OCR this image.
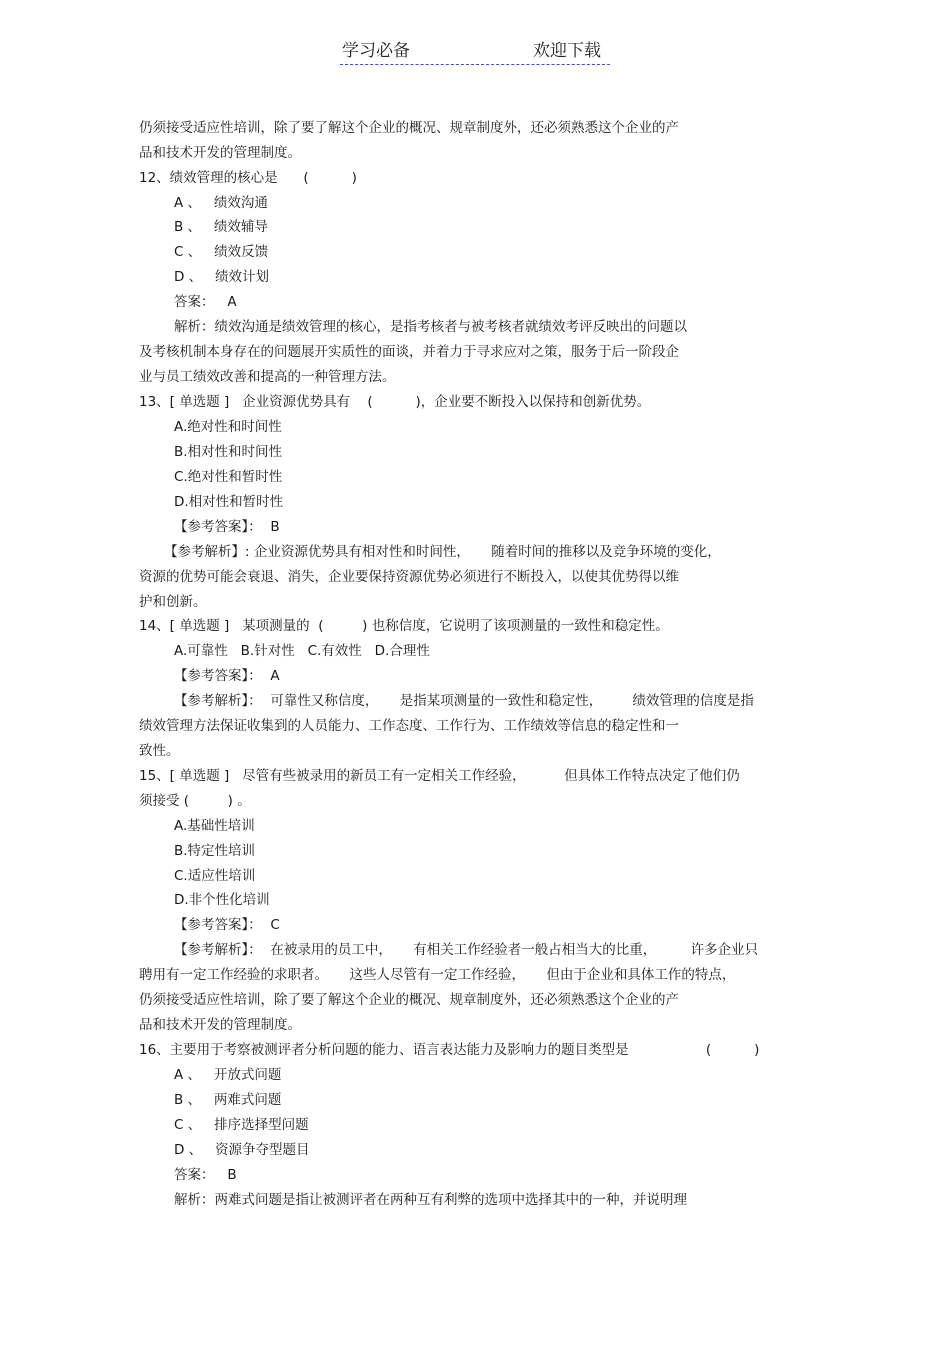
学习必备	欢迎下载
仍须接受适应性培训，除了要了解这个企业的概况、规章制度外，还必须熟悉这个企业的产
品和技术开发的管理制度。
12、绩效管理的核心是      (          )
A 、   绩效沟通
B 、   绩效辅导
C 、   绩效反馈
D 、   绩效计划
答案：   A
解析：绩效沟通是绩效管理的核心，是指考核者与被考核者就绩效考评反映出的问题以
及考核机制本身存在的问题展开实质性的面谈，并着力于寻求应对之策，服务于后一阶段企
业与员工绩效改善和提高的一种管理方法。
13、[ 单选题 ]   企业资源优势具有    (          )，企业要不断投入以保持和创新优势。
A.绝对性和时间性
B.相对性和时间性
C.绝对性和暂时性
D.相对性和暂时性
【参考答案】：  B
【参考解析】: 企业资源优势具有相对性和时间性，     随着时间的推移以及竞争环境的变化，
资源的优势可能会衰退、消失，企业要保持资源优势必须进行不断投入，以使其优势得以维
护和创新。
14、[ 单选题 ]   某项测量的  (         ) 也称信度，它说明了该项测量的一致性和稳定性。
A.可靠性   B.针对性   C.有效性   D.合理性
【参考答案】：  A
【参考解析】：  可靠性又称信度，     是指某项测量的一致性和稳定性，       绩效管理的信度是指
绩效管理方法保证收集到的人员能力、工作态度、工作行为、工作绩效等信息的稳定性和一
致性。
15、[ 单选题 ]   尽管有些被录用的新员工有一定相关工作经验，         但具体工作特点决定了他们仍
须接受 (         ) 。
A.基础性培训
B.特定性培训
C.适应性培训
D.非个性化培训
【参考答案】：  C
【参考解析】：  在被录用的员工中，     有相关工作经验者一般占相当大的比重，        许多企业只
聘用有一定工作经验的求职者。     这些人尽管有一定工作经验，     但由于企业和具体工作的特点，
仍须接受适应性培训，除了要了解这个企业的概况、规章制度外，还必须熟悉这个企业的产
品和技术开发的管理制度。
16、主要用于考察被测评者分析问题的能力、语言表达能力及影响力的题目类型是                  (          )
A 、   开放式问题
B 、   两难式问题
C 、   排序选择型问题
D 、   资源争夺型题目
答案：   B
解析：两难式问题是指让被测评者在两种互有利弊的选项中选择其中的一种，并说明理
